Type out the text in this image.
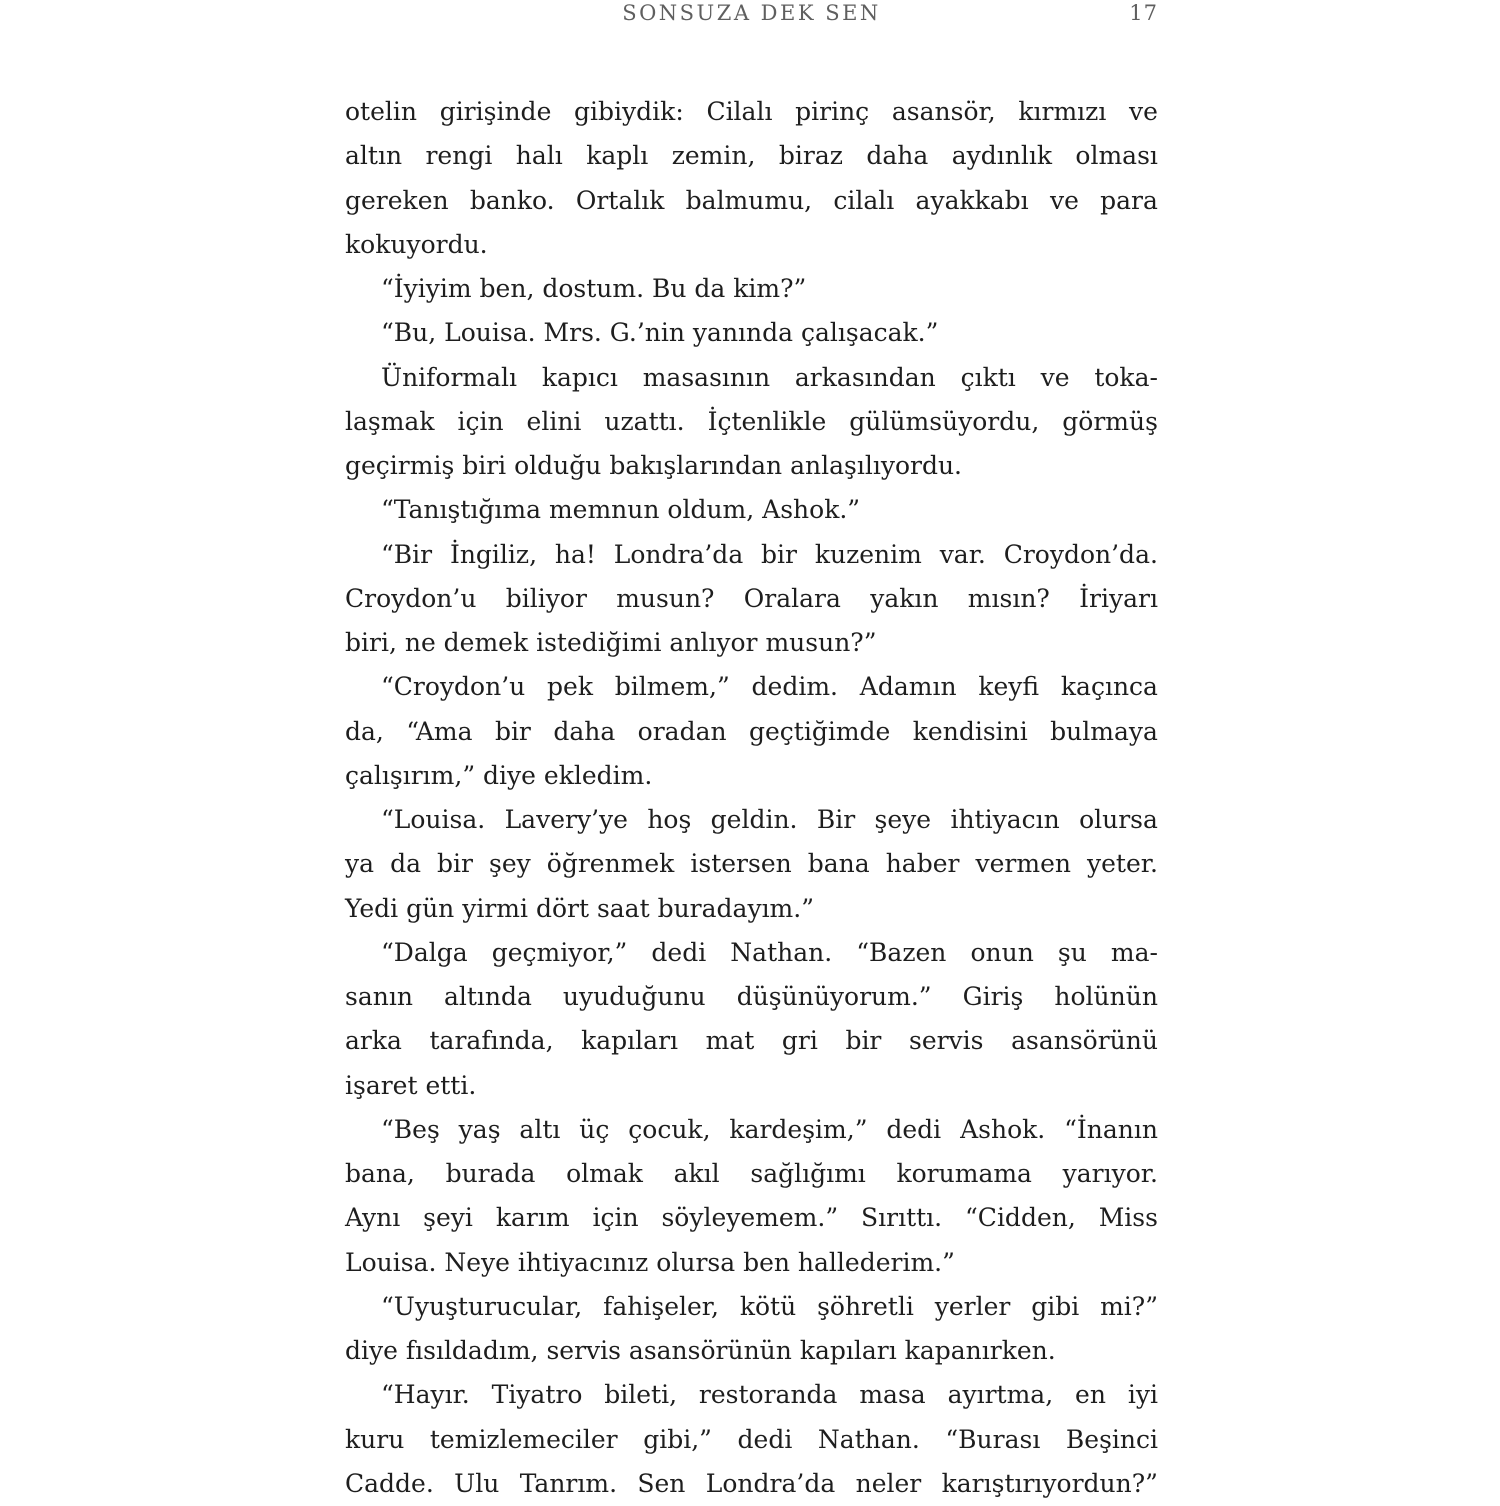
SONSUZA DEK SEN	17
otelin girişinde gibiydik: Cilalı pirinç asansör, kırmızı ve
altın rengi halı kaplı zemin, biraz daha aydınlık olması
gereken banko. Ortalık balmumu, cilalı ayakkabı ve para
kokuyordu.
“İyiyim ben, dostum. Bu da kim?”
“Bu, Louisa. Mrs. G.’nin yanında çalışacak.”
Üniformalı kapıcı masasının arkasından çıktı ve toka-
laşmak için elini uzattı. İçtenlikle gülümsüyordu, görmüş
geçirmiş biri olduğu bakışlarından anlaşılıyordu.
“Tanıştığıma memnun oldum, Ashok.”
“Bir İngiliz, ha! Londra’da bir kuzenim var. Croydon’da.
Croydon’u biliyor musun? Oralara yakın mısın? İriyarı
biri, ne demek istediğimi anlıyor musun?”
“Croydon’u pek bilmem,” dedim. Adamın keyfi kaçınca
da, “Ama bir daha oradan geçtiğimde kendisini bulmaya
çalışırım,” diye ekledim.
“Louisa. Lavery’ye hoş geldin. Bir şeye ihtiyacın olursa
ya da bir şey öğrenmek istersen bana haber vermen yeter.
Yedi gün yirmi dört saat buradayım.”
“Dalga geçmiyor,” dedi Nathan. “Bazen onun şu ma-
sanın altında uyuduğunu düşünüyorum.” Giriş holünün
arka tarafında, kapıları mat gri bir servis asansörünü
işaret etti.
“Beş yaş altı üç çocuk, kardeşim,” dedi Ashok. “İnanın
bana, burada olmak akıl sağlığımı korumama yarıyor.
Aynı şeyi karım için söyleyemem.” Sırıttı. “Cidden, Miss
Louisa. Neye ihtiyacınız olursa ben hallederim.”
“Uyuşturucular, fahişeler, kötü şöhretli yerler gibi mi?”
diye fısıldadım, servis asansörünün kapıları kapanırken.
“Hayır. Tiyatro bileti, restoranda masa ayırtma, en iyi
kuru temizlemeciler gibi,” dedi Nathan. “Burası Beşinci
Cadde. Ulu Tanrım. Sen Londra’da neler karıştırıyordun?”
